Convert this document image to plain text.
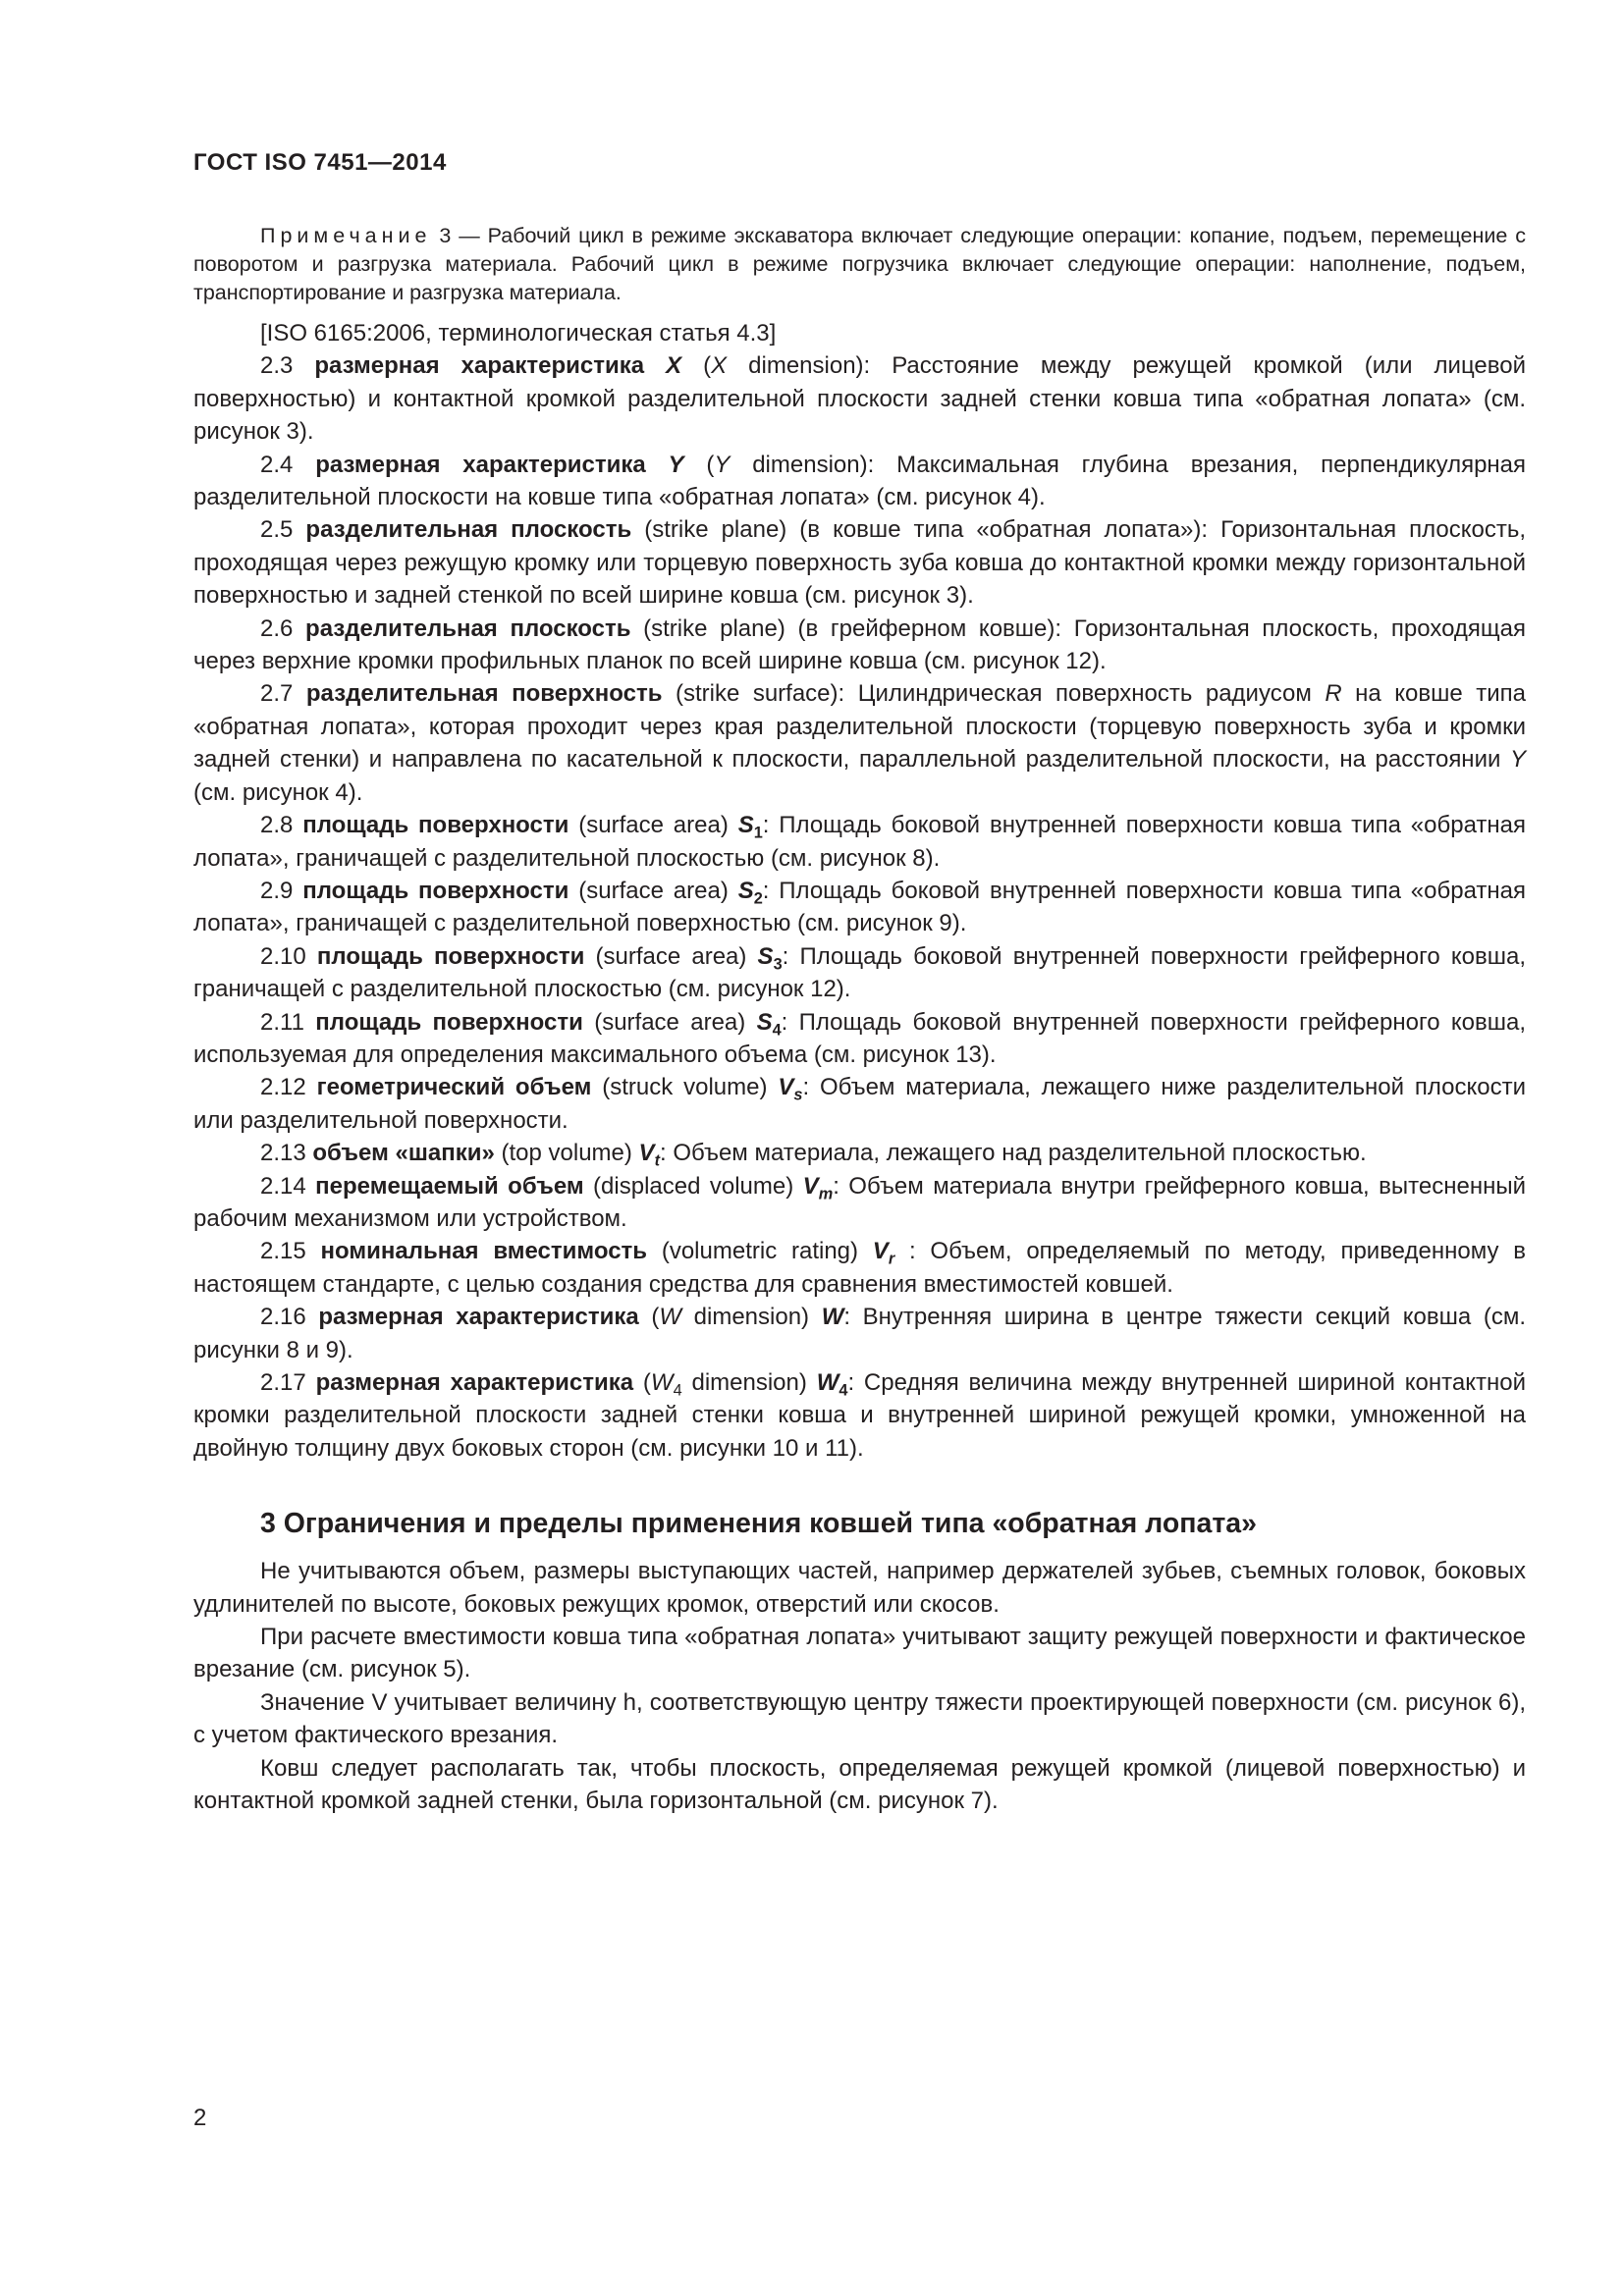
ГОСТ ISO 7451—2014
Примечание 3 — Рабочий цикл в режиме экскаватора включает следующие операции: копание, подъем, перемещение с поворотом и разгрузка материала. Рабочий цикл в режиме погрузчика включает следующие операции: наполнение, подъем, транспортирование и разгрузка материала.

[ISO 6165:2006, терминологическая статья 4.3]

2.3 размерная характеристика X (X dimension): Расстояние между режущей кромкой (или лицевой поверхностью) и контактной кромкой разделительной плоскости задней стенки ковша типа «обратная лопата» (см. рисунок 3).

2.4 размерная характеристика Y (Y dimension): Максимальная глубина врезания, перпендикулярная разделительной плоскости на ковше типа «обратная лопата» (см. рисунок 4).

2.5 разделительная плоскость (strike plane) (в ковше типа «обратная лопата»): Горизонтальная плоскость, проходящая через режущую кромку или торцевую поверхность зуба ковша до контактной кромки между горизонтальной поверхностью и задней стенкой по всей ширине ковша (см. рисунок 3).

2.6 разделительная плоскость (strike plane) (в грейферном ковше): Горизонтальная плоскость, проходящая через верхние кромки профильных планок по всей ширине ковша (см. рисунок 12).

2.7 разделительная поверхность (strike surface): Цилиндрическая поверхность радиусом R на ковше типа «обратная лопата», которая проходит через края разделительной плоскости (торцевую поверхность зуба и кромки задней стенки) и направлена по касательной к плоскости, параллельной разделительной плоскости, на расстоянии Y (см. рисунок 4).

2.8 площадь поверхности (surface area) $S_1$: Площадь боковой внутренней поверхности ковша типа «обратная лопата», граничащей с разделительной плоскостью (см. рисунок 8).

2.9 площадь поверхности (surface area) $S_2$: Площадь боковой внутренней поверхности ковша типа «обратная лопата», граничащей с разделительной поверхностью (см. рисунок 9).

2.10 площадь поверхности (surface area) $S_3$: Площадь боковой внутренней поверхности грейферного ковша, граничащей с разделительной плоскостью (см. рисунок 12).

2.11 площадь поверхности (surface area) $S_4$: Площадь боковой внутренней поверхности грейферного ковша, используемая для определения максимального объема (см. рисунок 13).

2.12 геометрический объем (struck volume) $V_s$: Объем материала, лежащего ниже разделительной плоскости или разделительной поверхности.

2.13 объем «шапки» (top volume) $V_t$: Объем материала, лежащего над разделительной плоскостью.

2.14 перемещаемый объем (displaced volume) $V_m$: Объем материала внутри грейферного ковша, вытесненный рабочим механизмом или устройством.

2.15 номинальная вместимость (volumetric rating) $V_r$ : Объем, определяемый по методу, приведенному в настоящем стандарте, с целью создания средства для сравнения вместимостей ковшей.

2.16 размерная характеристика (W dimension) W: Внутренняя ширина в центре тяжести секций ковша (см. рисунки 8 и 9).

2.17 размерная характеристика ($W_4$ dimension) $W_4$: Средняя величина между внутренней шириной контактной кромки разделительной плоскости задней стенки ковша и внутренней шириной режущей кромки, умноженной на двойную толщину двух боковых сторон (см. рисунки 10 и 11).

3 Ограничения и пределы применения ковшей типа «обратная лопата»

Не учитываются объем, размеры выступающих частей, например держателей зубьев, съемных головок, боковых удлинителей по высоте, боковых режущих кромок, отверстий или скосов.

При расчете вместимости ковша типа «обратная лопата» учитывают защиту режущей поверхности и фактическое врезание (см. рисунок 5).

Значение V учитывает величину h, соответствующую центру тяжести проектирующей поверхности (см. рисунок 6), с учетом фактического врезания.

Ковш следует располагать так, чтобы плоскость, определяемая режущей кромкой (лицевой поверхностью) и контактной кромкой задней стенки, была горизонтальной (см. рисунок 7).

2
